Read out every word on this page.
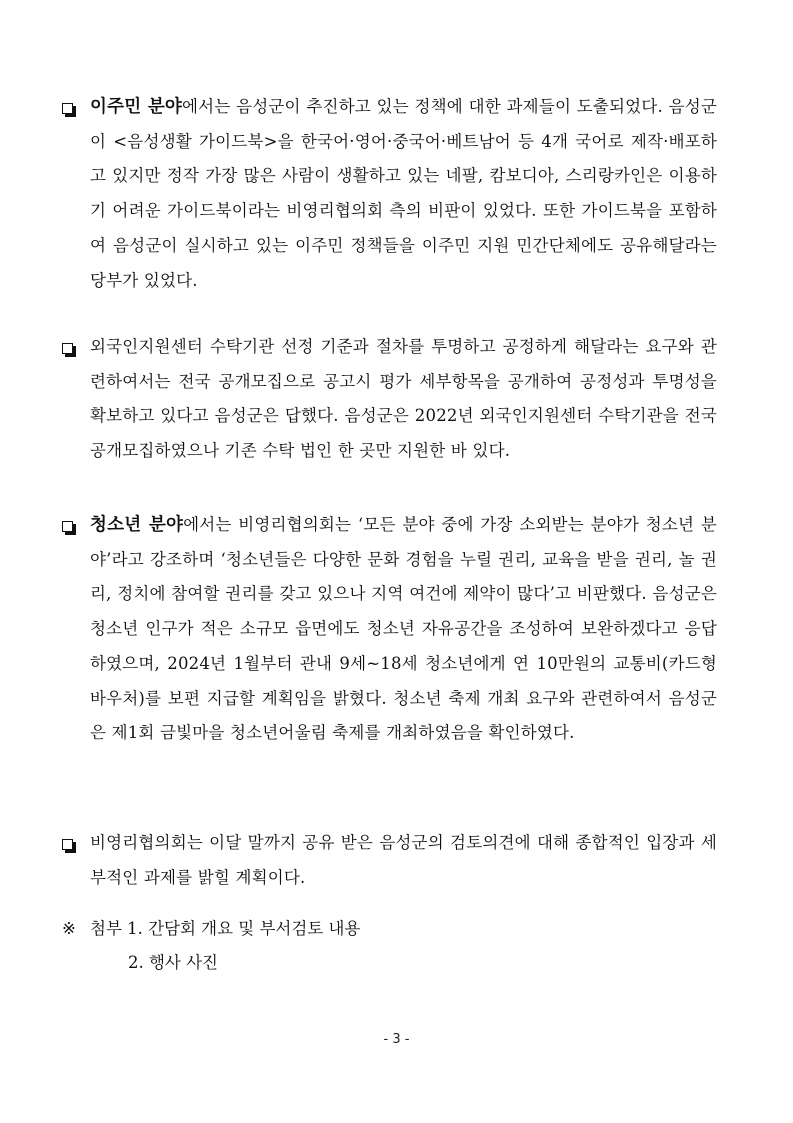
이주민 분야에서는 음성군이 추진하고 있는 정책에 대한 과제들이 도출되었다. 음성군이 <음성생활 가이드북>을 한국어·영어·중국어·베트남어 등 4개 국어로 제작·배포하고 있지만 정작 가장 많은 사람이 생활하고 있는 네팔, 캄보디아, 스리랑카인은 이용하기 어려운 가이드북이라는 비영리협의회 측의 비판이 있었다. 또한 가이드북을 포함하여 음성군이 실시하고 있는 이주민 정책들을 이주민 지원 민간단체에도 공유해달라는 당부가 있었다.
외국인지원센터 수탁기관 선정 기준과 절차를 투명하고 공정하게 해달라는 요구와 관련하여서는 전국 공개모집으로 공고시 평가 세부항목을 공개하여 공정성과 투명성을 확보하고 있다고 음성군은 답했다. 음성군은 2022년 외국인지원센터 수탁기관을 전국 공개모집하였으나 기존 수탁 법인 한 곳만 지원한 바 있다.
청소년 분야에서는 비영리협의회는 ‘모든 분야 중에 가장 소외받는 분야가 청소년 분야’라고 강조하며 ‘청소년들은 다양한 문화 경험을 누릴 권리, 교육을 받을 권리, 놀 권리, 정치에 참여할 권리를 갖고 있으나 지역 여건에 제약이 많다’고 비판했다. 음성군은 청소년 인구가 적은 소규모 읍면에도 청소년 자유공간을 조성하여 보완하겠다고 응답하였으며, 2024년 1월부터 관내 9세~18세 청소년에게 연 10만원의 교통비(카드형 바우처)를 보편 지급할 계획임을 밝혔다. 청소년 축제 개최 요구와 관련하여서 음성군은 제1회 금빛마을 청소년어울림 축제를 개최하였음을 확인하였다.
비영리협의회는 이달 말까지 공유 받은 음성군의 검토의견에 대해 종합적인 입장과 세부적인 과제를 밝힐 계획이다.
※ 첨부 1. 간담회 개요 및 부서검토 내용
2. 행사 사진
- 3 -
